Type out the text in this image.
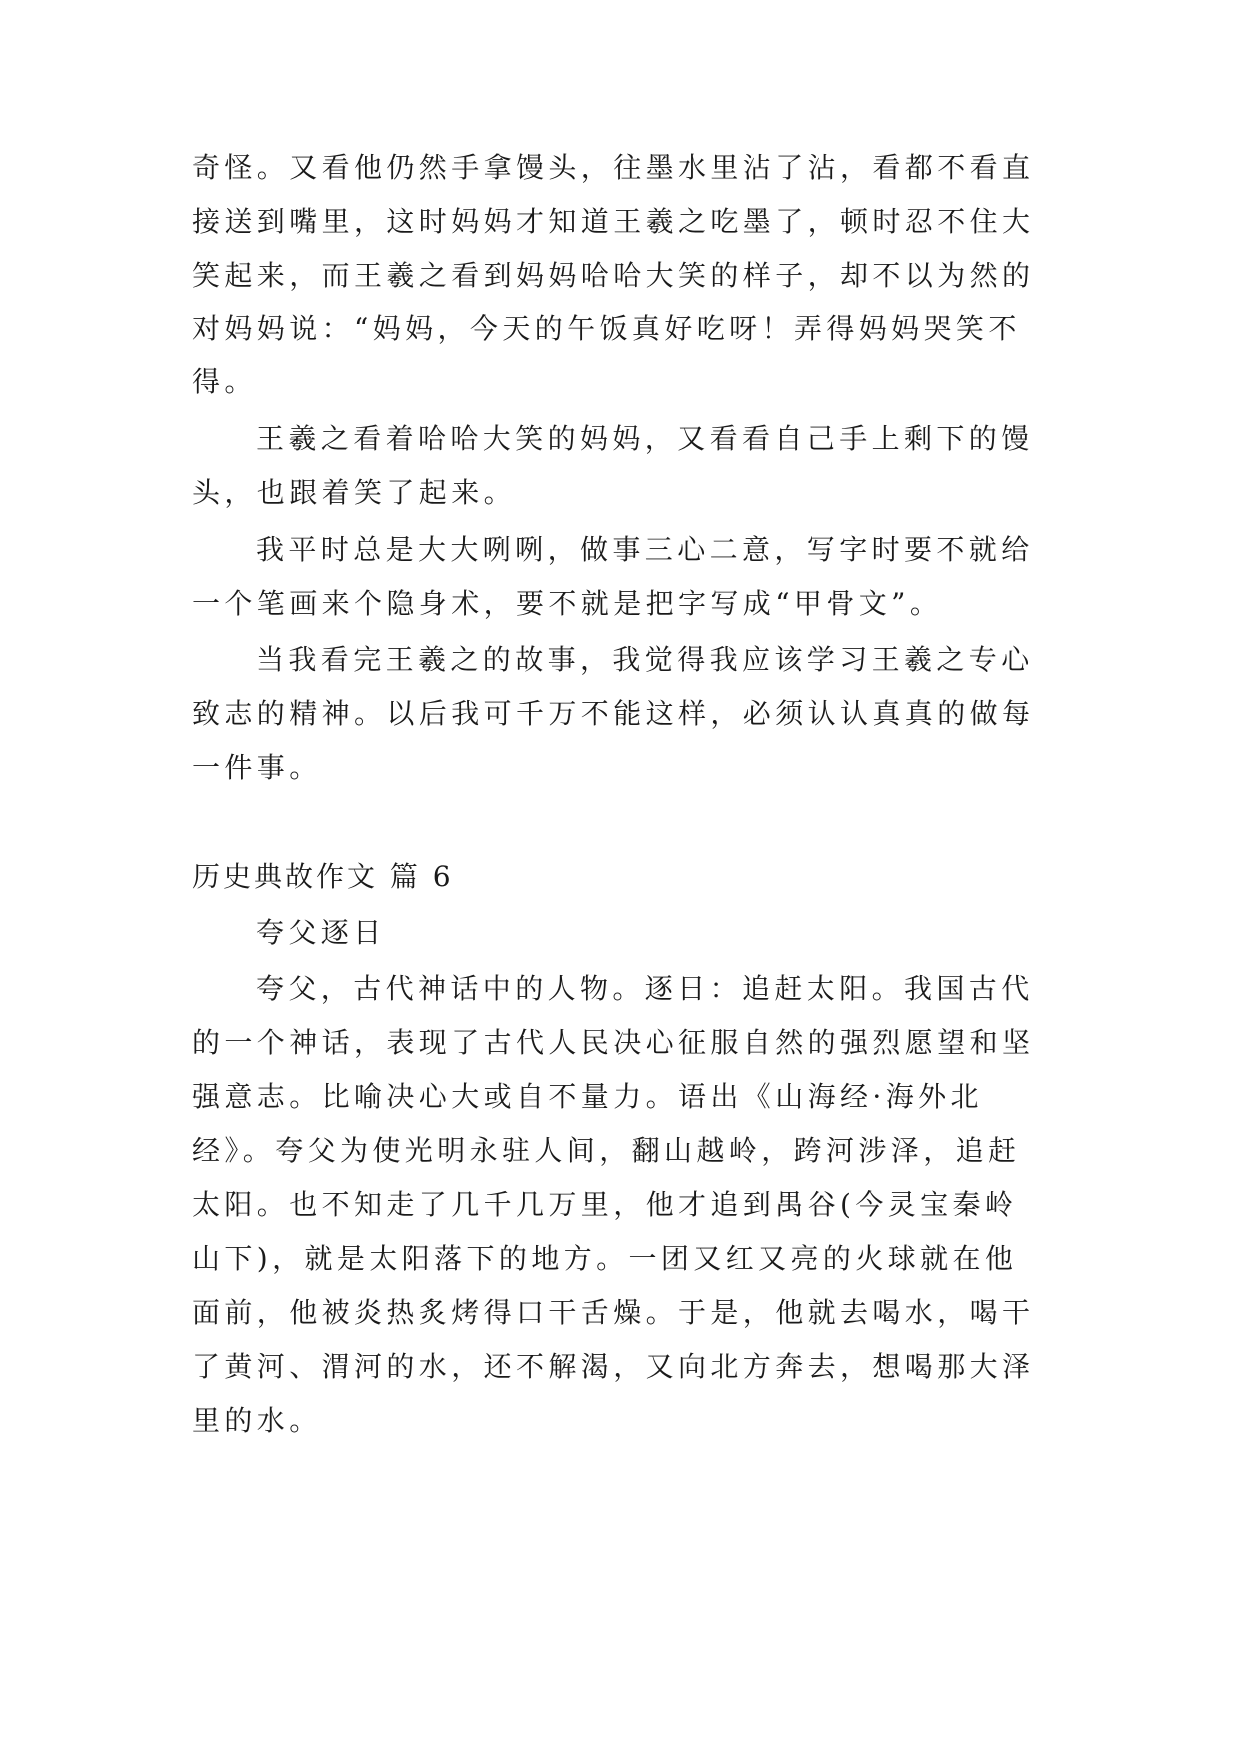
奇怪。又看他仍然手拿馒头，往墨水里沾了沾，看都不看直
接送到嘴里，这时妈妈才知道王羲之吃墨了，顿时忍不住大
笑起来，而王羲之看到妈妈哈哈大笑的样子，却不以为然的
对妈妈说：“妈妈，今天的午饭真好吃呀！弄得妈妈哭笑不
得。
王羲之看着哈哈大笑的妈妈，又看看自己手上剩下的馒
头，也跟着笑了起来。
我平时总是大大咧咧，做事三心二意，写字时要不就给
一个笔画来个隐身术，要不就是把字写成“甲骨文”。
当我看完王羲之的故事，我觉得我应该学习王羲之专心
致志的精神。以后我可千万不能这样，必须认认真真的做每
一件事。
历史典故作文 篇 6
夸父逐日
夸父，古代神话中的人物。逐日：追赶太阳。我国古代
的一个神话，表现了古代人民决心征服自然的强烈愿望和坚
强意志。比喻决心大或自不量力。语出《山海经·海外北
经》。夸父为使光明永驻人间，翻山越岭，跨河涉泽，追赶
太阳。也不知走了几千几万里，他才追到禺谷(今灵宝秦岭
山下)，就是太阳落下的地方。一团又红又亮的火球就在他
面前，他被炎热炙烤得口干舌燥。于是，他就去喝水，喝干
了黄河、渭河的水，还不解渴，又向北方奔去，想喝那大泽
里的水。
